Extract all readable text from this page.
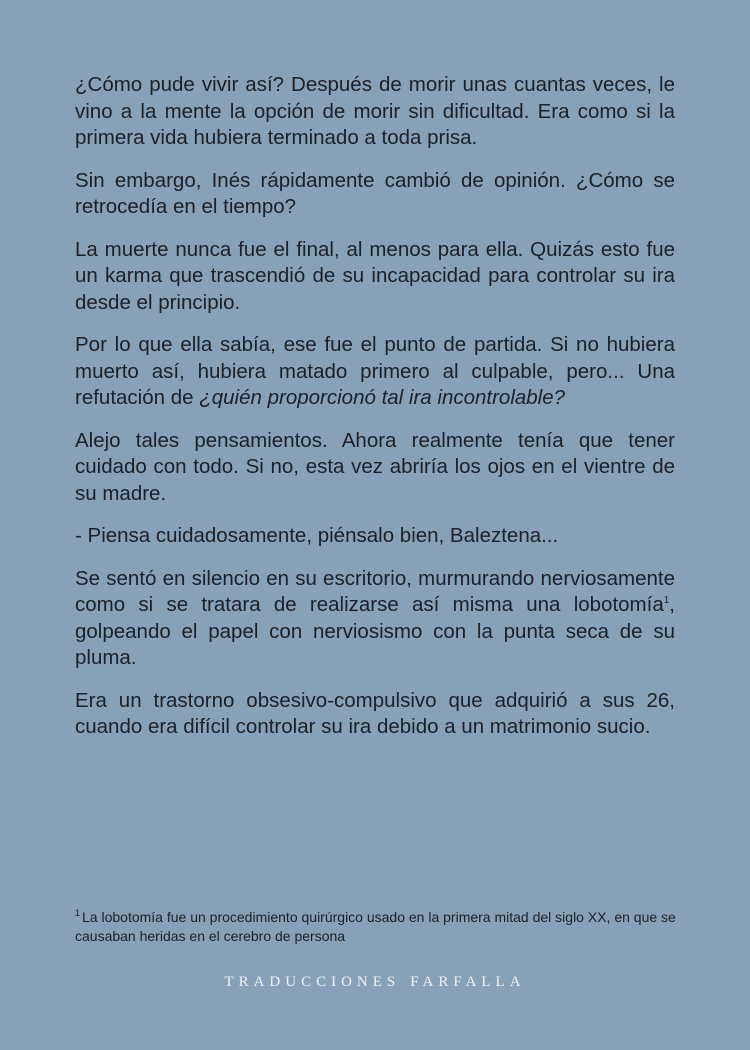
¿Cómo pude vivir así? Después de morir unas cuantas veces, le vino a la mente la opción de morir sin dificultad. Era como si la primera vida hubiera terminado a toda prisa.

Sin embargo, Inés rápidamente cambió de opinión. ¿Cómo se retrocedía en el tiempo?

La muerte nunca fue el final, al menos para ella. Quizás esto fue un karma que trascendió de su incapacidad para controlar su ira desde el principio.

Por lo que ella sabía, ese fue el punto de partida. Si no hubiera muerto así, hubiera matado primero al culpable, pero... Una refutación de ¿quién proporcionó tal ira incontrolable?

Alejo tales pensamientos. Ahora realmente tenía que tener cuidado con todo. Si no, esta vez abriría los ojos en el vientre de su madre.

- Piensa cuidadosamente, piénsalo bien, Baleztena...

Se sentó en silencio en su escritorio, murmurando nerviosamente como si se tratara de realizarse así misma una lobotomía$^1$, golpeando el papel con nerviosismo con la punta seca de su pluma.

Era un trastorno obsesivo-compulsivo que adquirió a sus 26, cuando era difícil controlar su ira debido a un matrimonio sucio.

$^1$ La lobotomía fue un procedimiento quirúrgico usado en la primera mitad del siglo XX, en que se causaban heridas en el cerebro de persona
TRADUCCIONES FARFALLA
